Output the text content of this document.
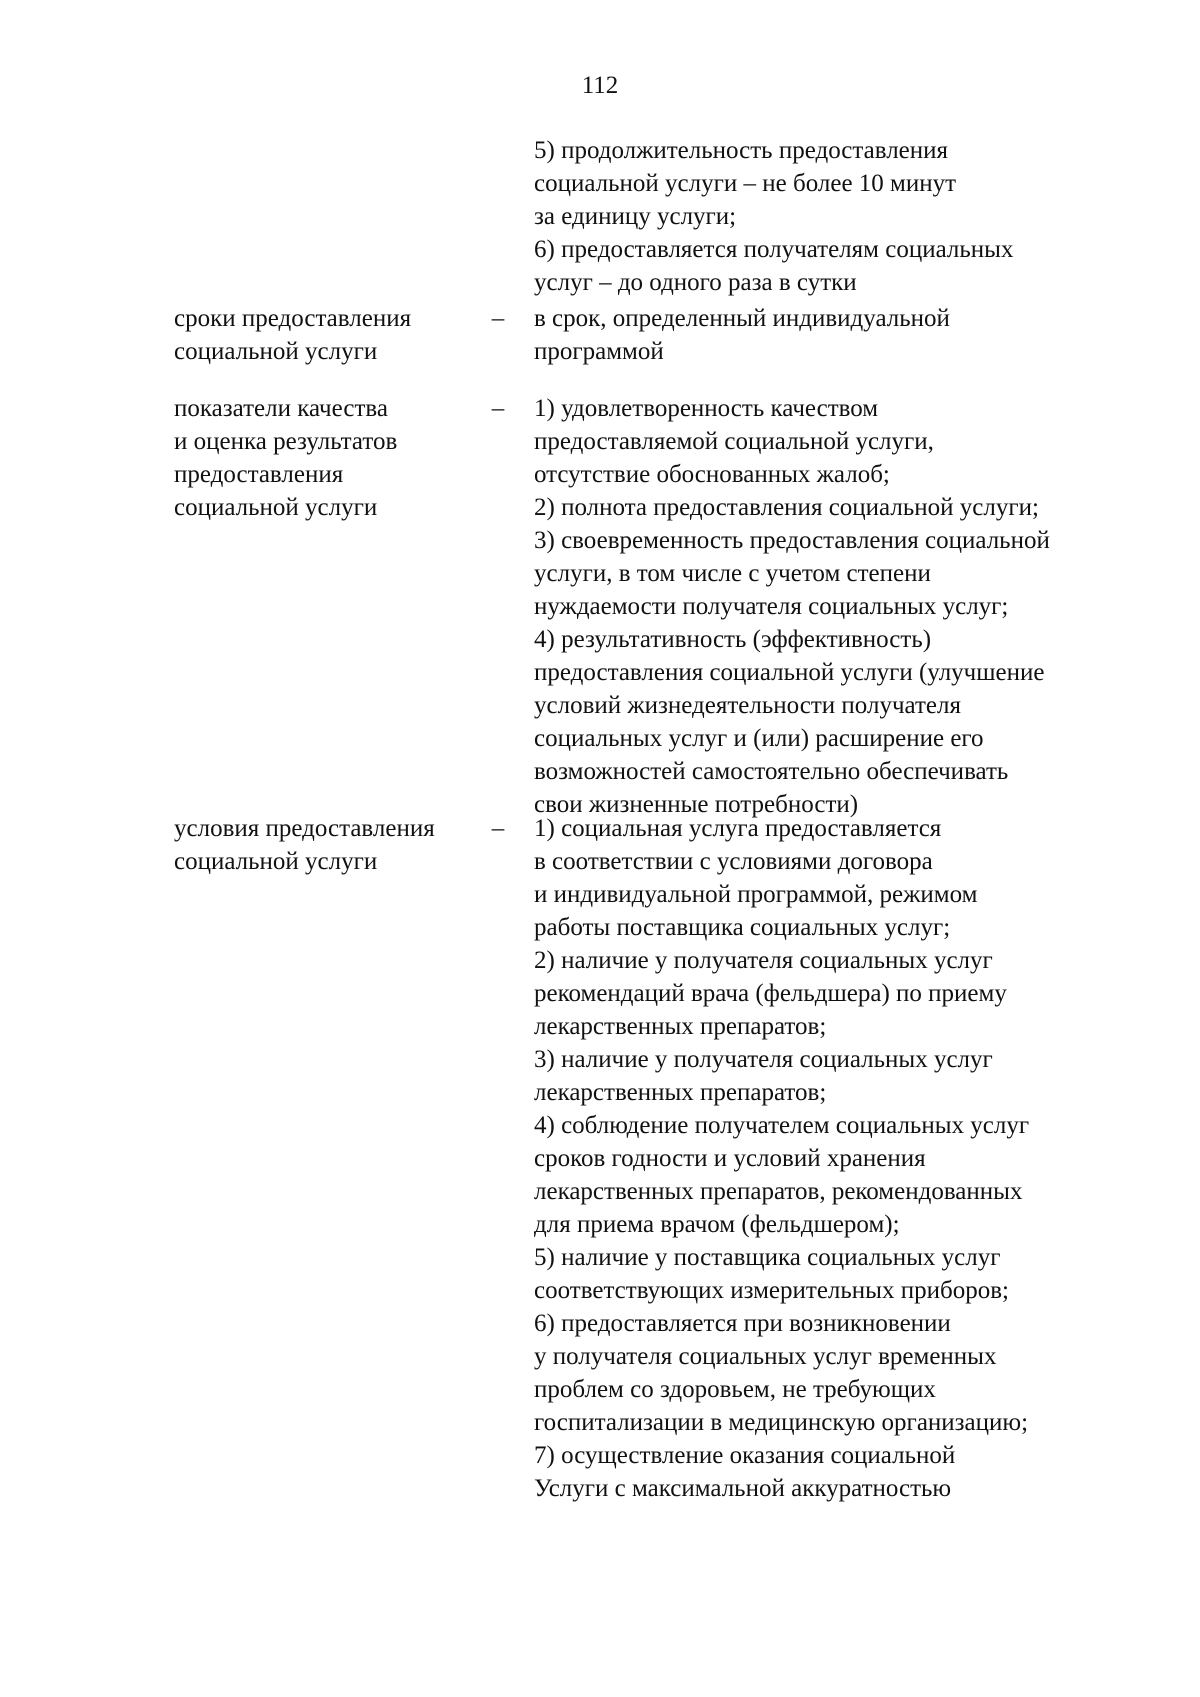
112
5) продолжительность предоставления
социальной услуги – не более 10 минут
за единицу услуги;
6) предоставляется получателям социальных
услуг – до одного раза в сутки
сроки предоставления
социальной услуги
– в срок, определенный индивидуальной
программой
показатели качества
и оценка результатов
предоставления
социальной услуги
– 1) удовлетворенность качеством
предоставляемой социальной услуги,
отсутствие обоснованных жалоб;
2) полнота предоставления социальной услуги;
3) своевременность предоставления социальной
услуги, в том числе с учетом степени
нуждаемости получателя социальных услуг;
4) результативность (эффективность)
предоставления социальной услуги (улучшение
условий жизнедеятельности получателя
социальных услуг и (или) расширение его
возможностей самостоятельно обеспечивать
свои жизненные потребности)
условия предоставления
социальной услуги
– 1) социальная услуга предоставляется
в соответствии с условиями договора
и индивидуальной программой, режимом
работы поставщика социальных услуг;
2) наличие у получателя социальных услуг
рекомендаций врача (фельдшера) по приему
лекарственных препаратов;
3) наличие у получателя социальных услуг
лекарственных препаратов;
4) соблюдение получателем социальных услуг
сроков годности и условий хранения
лекарственных препаратов, рекомендованных
для приема врачом (фельдшером);
5) наличие у поставщика социальных услуг
соответствующих измерительных приборов;
6) предоставляется при возникновении
у получателя социальных услуг временных
проблем со здоровьем, не требующих
госпитализации в медицинскую организацию;
7) осуществление оказания социальной
Услуги с максимальной аккуратностью
